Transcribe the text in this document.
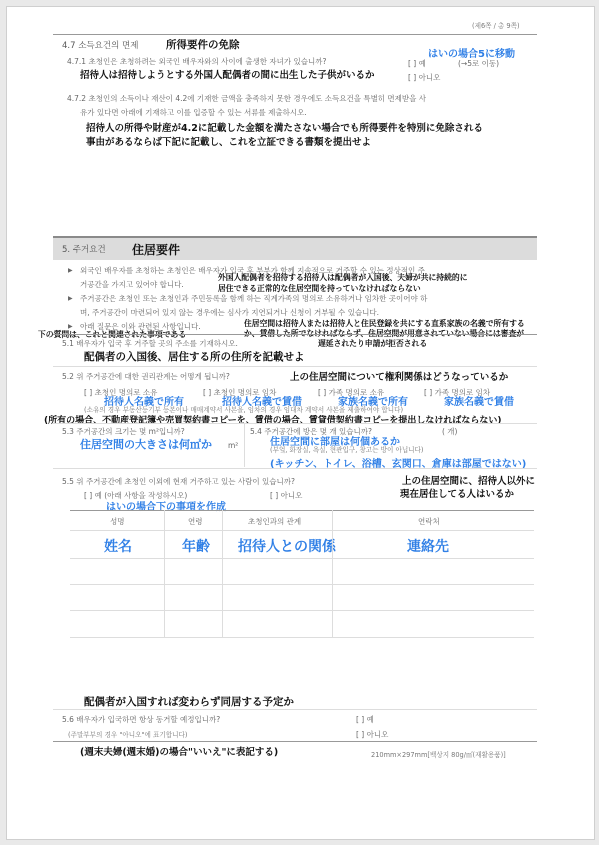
(제6쪽 / 총 9쪽)
4.7 소득요건의 면제	所得要件の免除
はいの場合5に移動
4.7.1 초청인은 초청하려는 외국인 배우자와의 사이에 출생한 자녀가 있습니까?	[ ] 예	(→5로 이동)
招待人は招待しようとする外国人配偶者の間に出生した子供がいるか	[ ] 아니오
4.7.2 초청인의 소득이나 재산이 4.2에 기재한 금액을 충족하지 못한 경우에도 소득요건을 특별히 면제받을 사
유가 있다면 아래에 기재하고 이를 입증할 수 있는 서류를 제출하시오.
招待人の所得や財産が4.2に記載した金額を満たさない場合でも所得要件を特別に免除される
事由があるならば下記に記載し、これを立証できる書類を提出せよ
5. 주거요건 住居要件
▶ 외국인 배우자를 초청하는 초청인은 배우자가 입국 후 부부가 함께 지속적으로 거주할 수 있는 정상적인 주
外国人配偶者を招待する招待人は配偶者が入国後、夫婦が共に持続的に
거공간을 가지고 있어야 합니다.	居住できる正常的な住居空間を持っていなければならない
▶ 주거공간은 초청인 또는 초청인과 주민등록을 함께 하는 직계가족의 명의로 소유하거나 임차한 곳이어야 하
며, 주거공간이 마련되어 있지 않는 경우에는 심사가 지연되거나 신청이 거부될 수 있습니다.
住居空間は招待人または招待人と住民登録を共にする直系家族の名義で所有する
か、賃借した所でなければならず、住居空間が用意されていない場合には審査が
遅延されたり申請が拒否される
▶ 아래 질문은 이와 관련된 사항입니다.
下の質問は、これと関連された事項である
5.1 배우자가 입국 후 거주할 곳의 주소를 기재하시오.
配偶者の入国後、居住する所の住所を記載せよ
5.2 위 주거공간에 대한 권리관계는 어떻게 됩니까?	上の住居空間について権利関係はどうなっているか
[ ] 초청인 명의로 소유	[ ] 초청인 명의로 임차	[ ] 가족 명의로 소유	[ ] 가족 명의로 임차
招待人名義で所有	招待人名義で賃借	家族名義で所有	家族名義で賃借
(소유의 경우 부동산등기부 등본이나 매매계약서 사본을, 임차의 경우 임대차 계약서 사본을 제출하여야 합니다)
(所有の場合、不動産登記簿や売買契約書コピーを、賃借の場合、賃貸借契約書コピーを提出しなければならない)
5.3 주거공간의 크기는 몇 m²입니까?
住居空間の大きさは何㎡か m²
5.4 주거공간에 방은 몇 개 있습니까?	( 개)
住居空間に部屋は何個あるか
(부엌, 화장실, 욕실, 현관입구, 창고는 방이 아닙니다)
(キッチン、トイレ、浴槽、玄関口、倉庫は部屋ではない)
5.5 위 주거공간에 초청인 이외에 현재 거주하고 있는 사람이 있습니까?	上の住居空間に、招待人以外に
現在居住してる人はいるか
[ ] 예 (아래 사항을 작성하시오)	[ ] 아니오
はいの場合下の事項を作成
성명	연령	초청인과의 관계	연락처
姓名	年齢 招待人との関係	連絡先
配偶者が入国すれば変わらず同居する予定か
5.6 배우자가 입국하면 항상 동거할 예정입니까?	[ ] 예
(주말부부의 경우 "아니오"에 표기합니다)	[ ] 아니오
(週末夫婦(週末婚)の場合"いいえ"に表記する)	210mm×297mm[백상지 80g/㎡(재활용품)]
